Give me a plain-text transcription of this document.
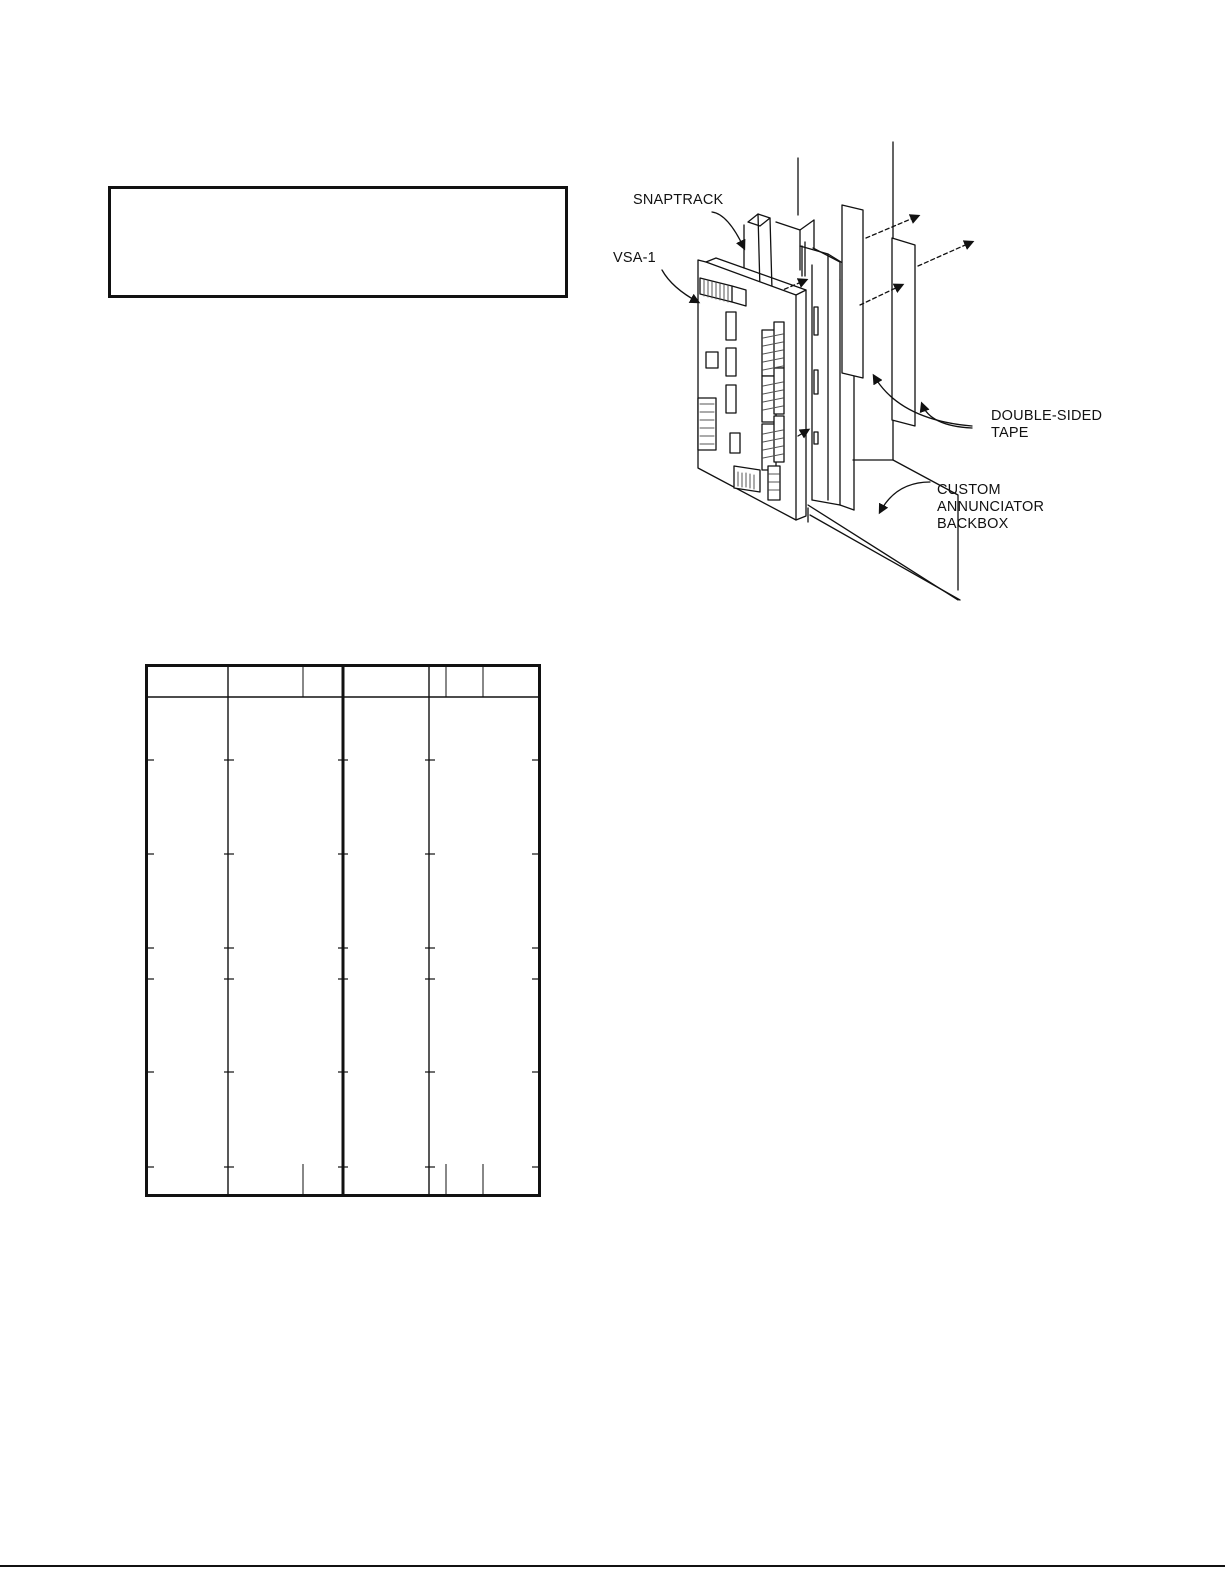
SNAPTRACK
VSA-1
DOUBLE-SIDED
TAPE
CUSTOM
ANNUNCIATOR
BACKBOX
